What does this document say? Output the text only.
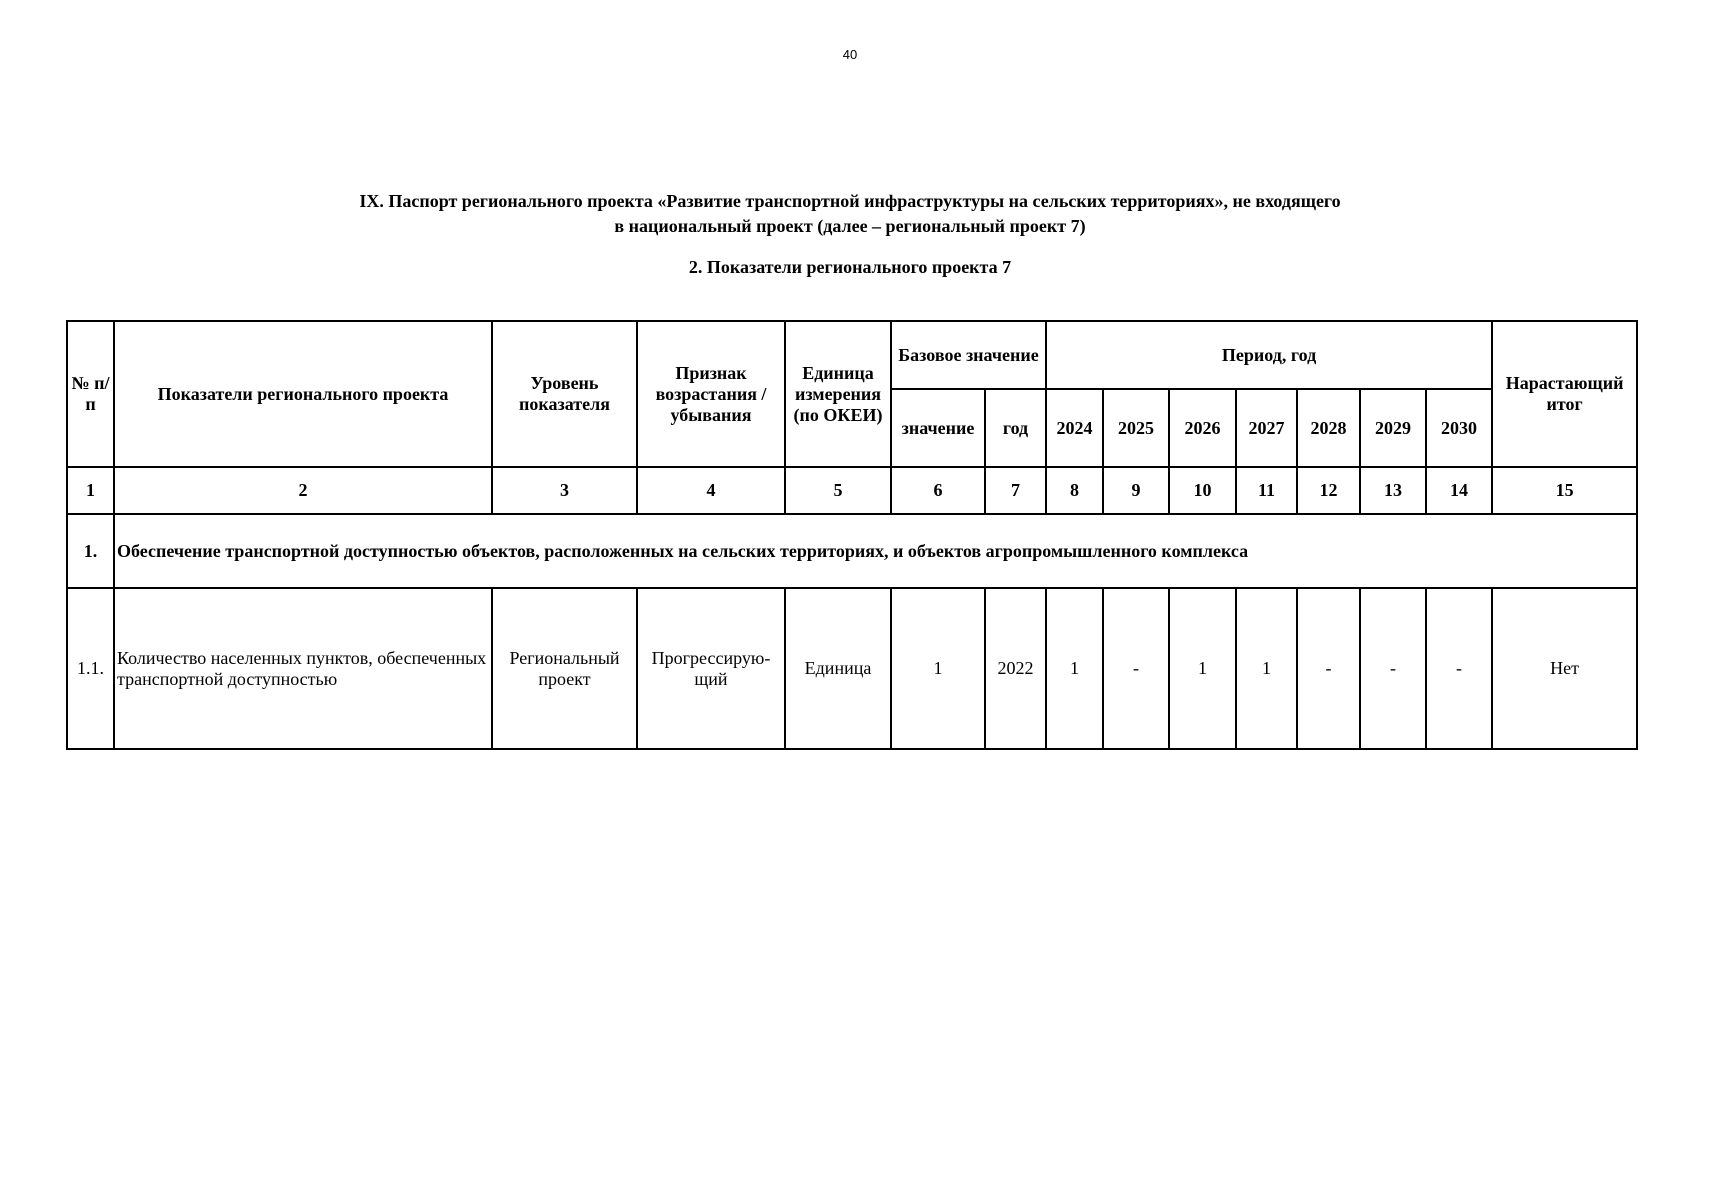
40
IX. Паспорт регионального проекта «Развитие транспортной инфраструктуры на сельских территориях», не входящего
в национальный проект (далее – региональный проект 7)
2. Показатели регионального проекта 7
№ п/п	Показатели регионального проекта	Уровень показателя	Признак возрастания / убывания	Единица измерения (по ОКЕИ)	Базовое значение		Период, год							Нарастающий итог
					значение	год	2024	2025	2026	2027	2028	2029	2030	
1	2	3	4	5	6	7	8	9	10	11	12	13	14	15
1.	Обеспечение транспортной доступностью объектов, расположенных на сельских территориях, и объектов агропромышленного комплекса													
1.1.	Количество населенных пунктов, обеспеченных транспортной доступностью	Региональный проект	Прогрессирую-щий	Единица	1	2022	1	-	1	1	-	-	-	Нет
